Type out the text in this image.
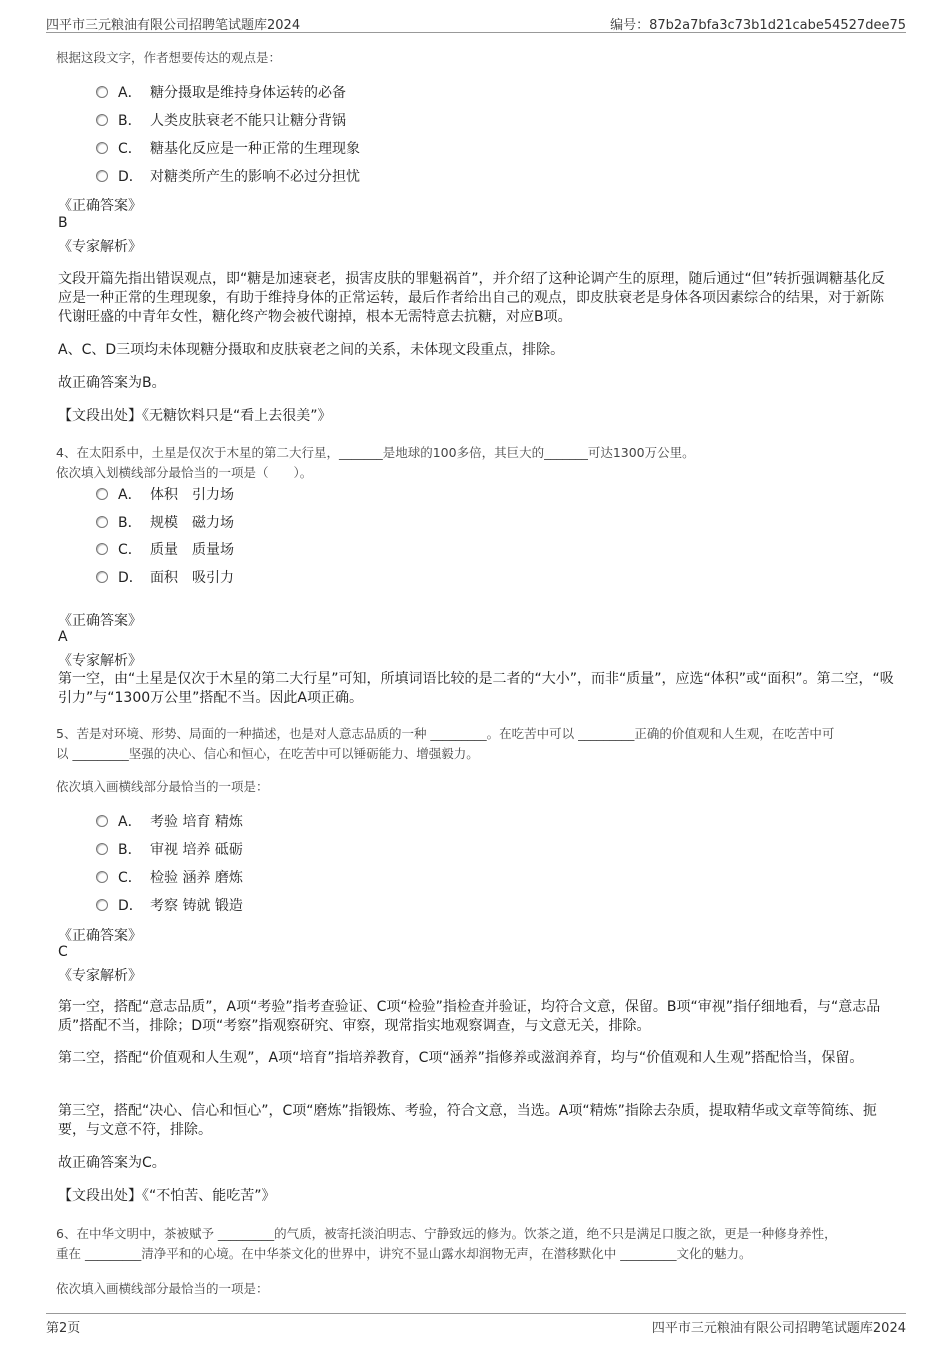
四平市三元粮油有限公司招聘笔试题库2024	编号：87b2a7bfa3c73b1d21cabe54527dee75
根据这段文字，作者想要传达的观点是：
A． 糖分摄取是维持身体运转的必备
B． 人类皮肤衰老不能只让糖分背锅
C． 糖基化反应是一种正常的生理现象
D． 对糖类所产生的影响不必过分担忧
《正确答案》
B
《专家解析》
文段开篇先指出错误观点，即“糖是加速衰老，损害皮肤的罪魁祸首”，并介绍了这种论调产生的原理，随后通过“但”转折强调糖基化反应是一种正常的生理现象，有助于维持身体的正常运转，最后作者给出自己的观点，即皮肤衰老是身体各项因素综合的结果，对于新陈代谢旺盛的中青年女性，糖化终产物会被代谢掉，根本无需特意去抗糖，对应B项。
A、C、D三项均未体现糖分摄取和皮肤衰老之间的关系，未体现文段重点，排除。
故正确答案为B。
【文段出处】《无糖饮料只是“看上去很美”》
4、在太阳系中，土星是仅次于木星的第二大行星，_______是地球的100多倍，其巨大的_______可达1300万公里。
依次填入划横线部分最恰当的一项是（　　）。
A． 体积　引力场
B． 规模　磁力场
C． 质量　质量场
D． 面积　吸引力
《正确答案》
A
《专家解析》
第一空，由“土星是仅次于木星的第二大行星”可知，所填词语比较的是二者的“大小”，而非“质量”，应选“体积”或“面积”。第二空，“吸引力”与“1300万公里”搭配不当。因此A项正确。
5、苦是对环境、形势、局面的一种描述，也是对人意志品质的一种 _________。在吃苦中可以 _________正确的价值观和人生观，在吃苦中可
以 _________坚强的决心、信心和恒心，在吃苦中可以锤砺能力、增强毅力。
依次填入画横线部分最恰当的一项是：
A． 考验 培育 精炼
B． 审视 培养 砥砺
C． 检验 涵养 磨炼
D． 考察 铸就 锻造
《正确答案》
C
《专家解析》
第一空，搭配“意志品质”，A项“考验”指考查验证、C项“检验”指检查并验证，均符合文意，保留。B项“审视”指仔细地看，与“意志品质”搭配不当，排除；D项“考察”指观察研究、审察，现常指实地观察调查，与文意无关，排除。
第二空，搭配“价值观和人生观”，A项“培育”指培养教育，C项“涵养”指修养或滋润养育，均与“价值观和人生观”搭配恰当，保留。
第三空，搭配“决心、信心和恒心”，C项“磨炼”指锻炼、考验，符合文意，当选。A项“精炼”指除去杂质，提取精华或文章等简练、扼要，与文意不符，排除。
故正确答案为C。
【文段出处】《“不怕苦、能吃苦”》
6、在中华文明中，茶被赋予 _________的气质，被寄托淡泊明志、宁静致远的修为。饮茶之道，绝不只是满足口腹之欲，更是一种修身养性，
重在 _________清净平和的心境。在中华茶文化的世界中，讲究不显山露水却润物无声，在潜移默化中 _________文化的魅力。
依次填入画横线部分最恰当的一项是：
第2页	四平市三元粮油有限公司招聘笔试题库2024
